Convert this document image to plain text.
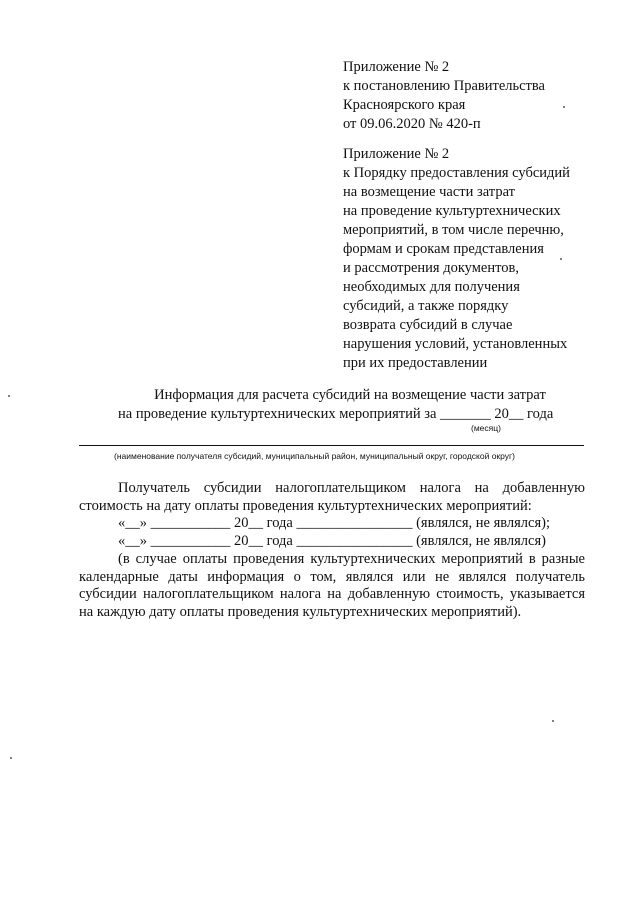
Приложение № 2
к постановлению Правительства
Красноярского края
от 09.06.2020 № 420-п
Приложение № 2
к Порядку предоставления субсидий
на возмещение части затрат
на проведение культуртехнических
мероприятий, в том числе перечню,
формам и срокам представления
и рассмотрения документов,
необходимых для получения
субсидий, а также порядку
возврата субсидий в случае
нарушения условий, установленных
при их предоставлении
Информация для расчета субсидий на возмещение части затрат
на проведение культуртехнических мероприятий за _______ 20__ года
(месяц)
(наименование получателя субсидий, муниципальный район, муниципальный округ, городской округ)
Получатель субсидии налогоплательщиком налога на добавленную
стоимость на дату оплаты проведения культуртехнических мероприятий:
«__» ___________ 20__ года ________________ (являлся, не являлся);
«__» ___________ 20__ года ________________ (являлся, не являлся)
(в случае оплаты проведения культуртехнических мероприятий в разные
календарные даты информация о том, являлся или не являлся получатель
субсидии налогоплательщиком налога на добавленную стоимость, указывается
на каждую дату оплаты проведения культуртехнических мероприятий).
